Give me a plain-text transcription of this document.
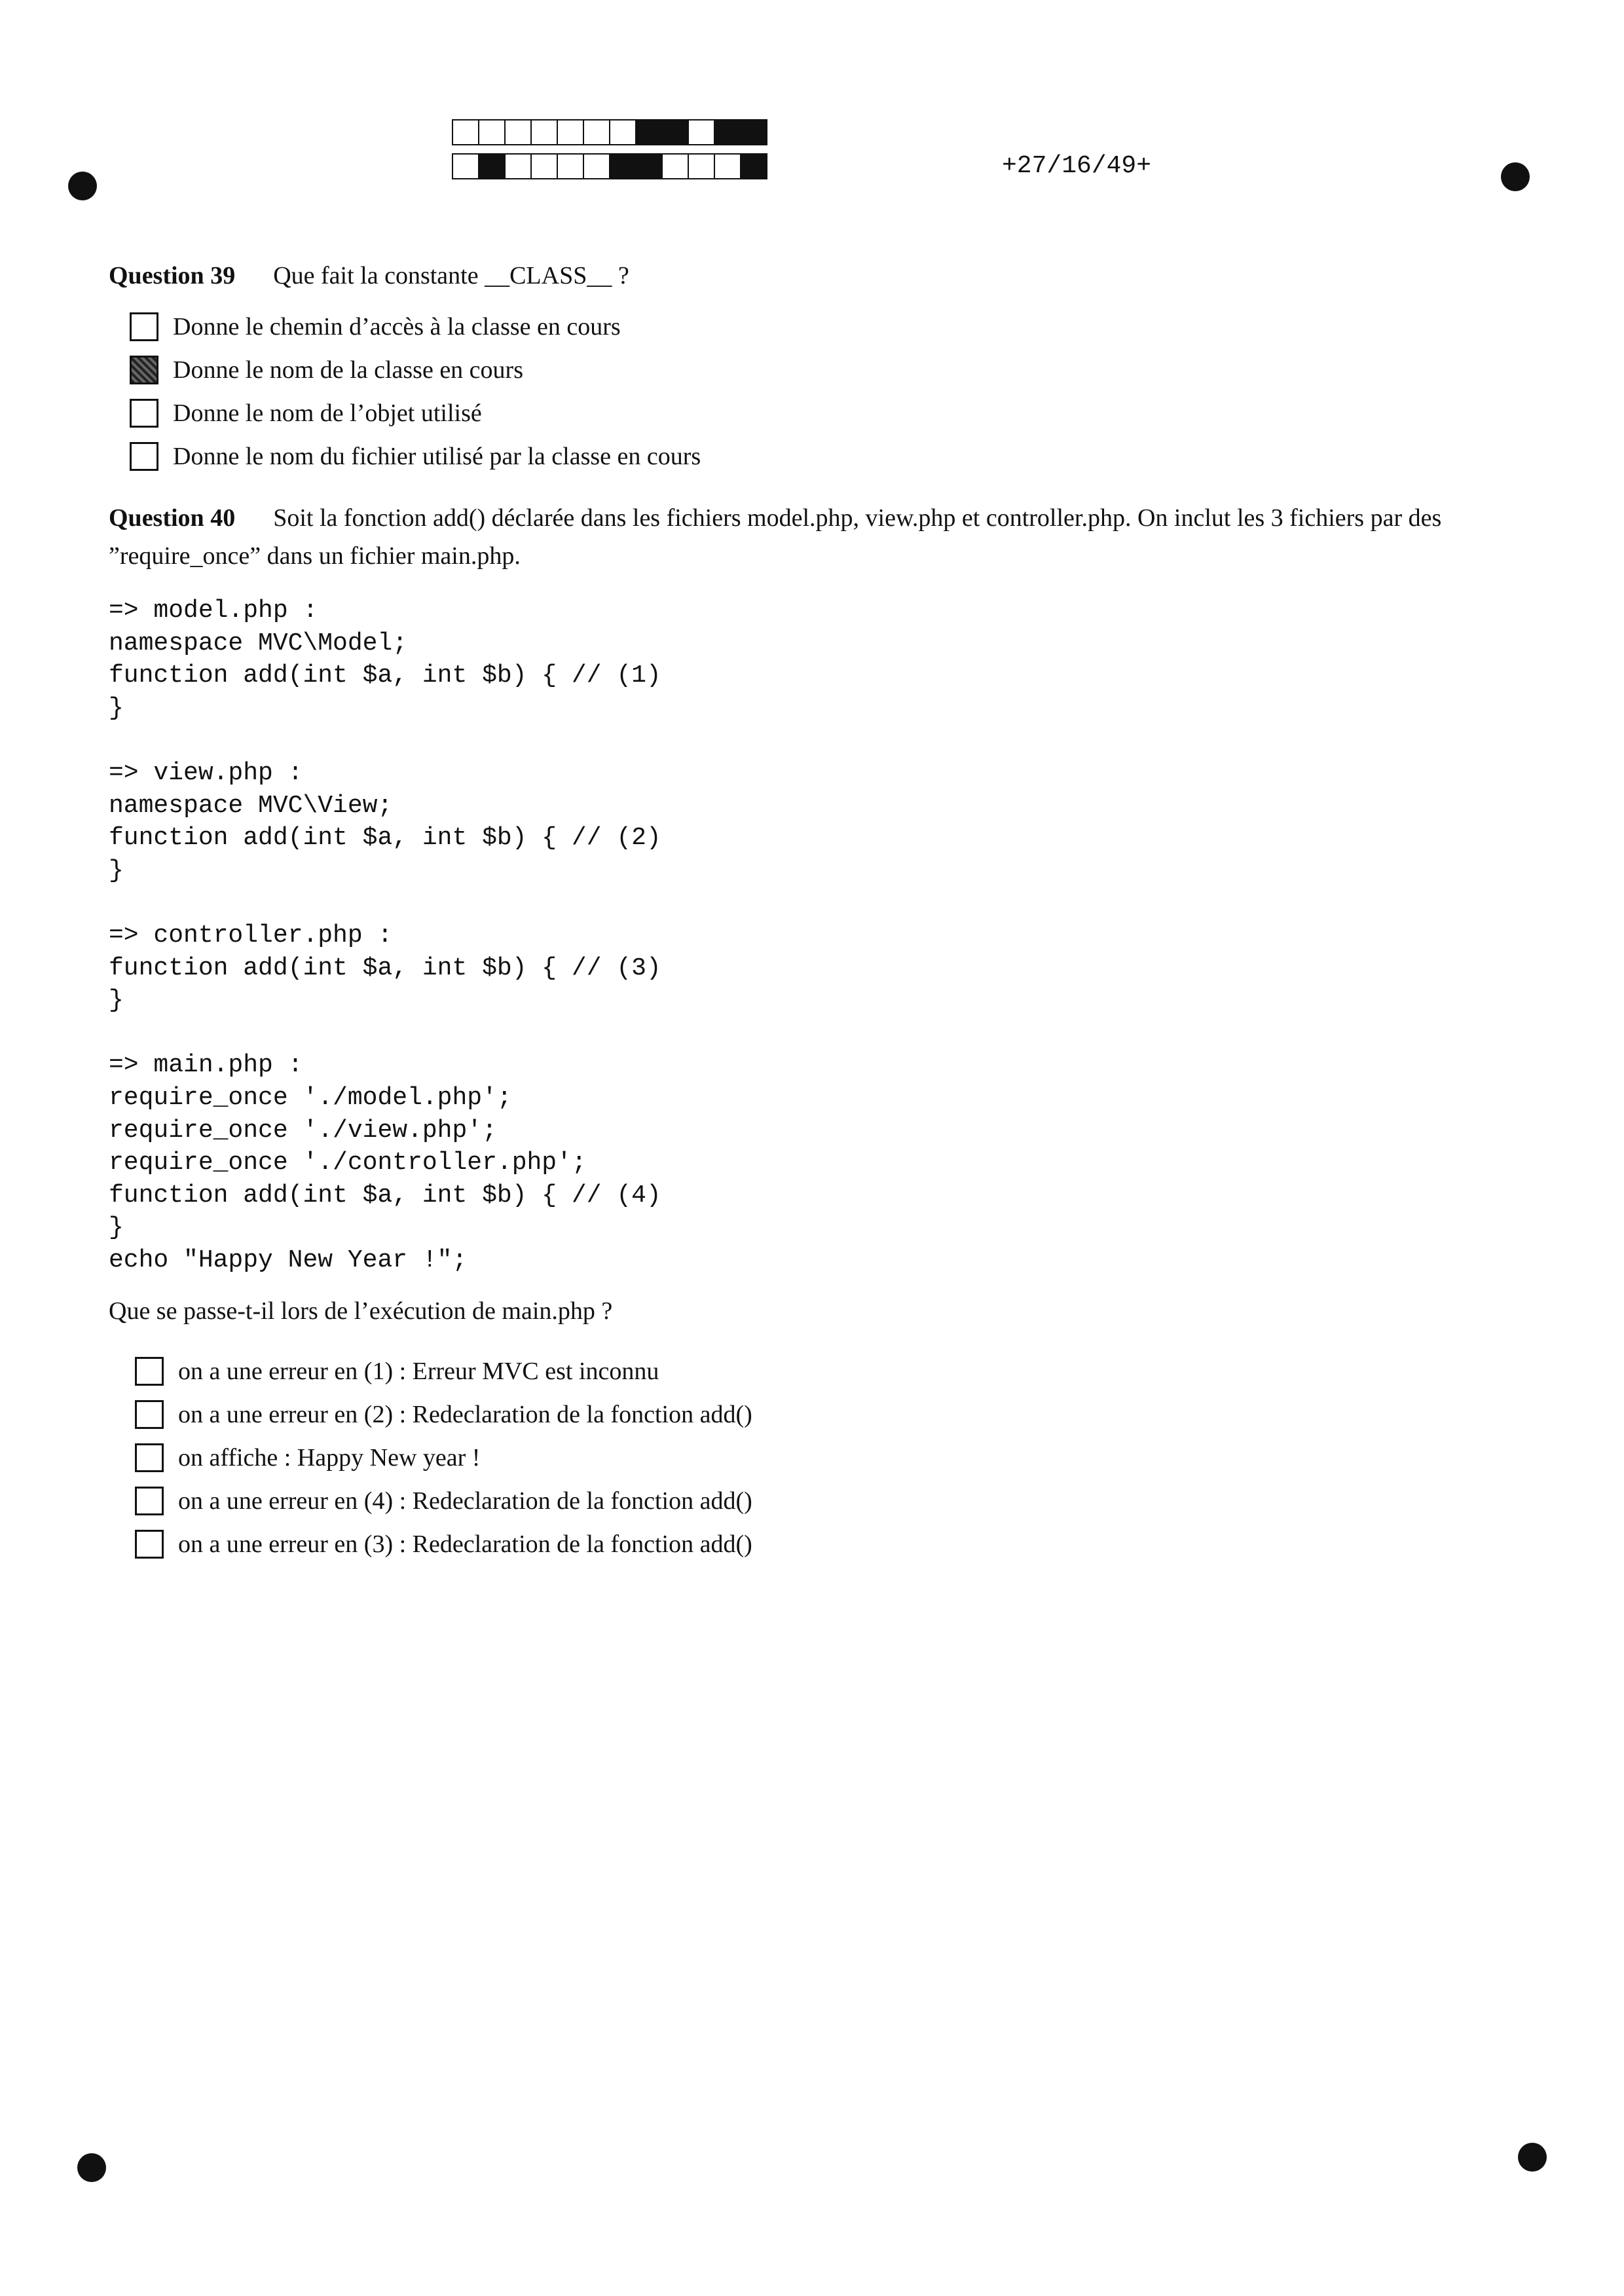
+27/16/49+
Question 39 Que fait la constante __CLASS__ ?
Donne le chemin d’accès à la classe en cours
Donne le nom de la classe en cours
Donne le nom de l’objet utilisé
Donne le nom du fichier utilisé par la classe en cours
Question 40 Soit la fonction add() déclarée dans les fichiers model.php, view.php et controller.php. On inclut les 3 fichiers par des ”require_once” dans un fichier main.php.
=> model.php :
namespace MVC\Model;
function add(int $a, int $b) { // (1)
}

=> view.php :
namespace MVC\View;
function add(int $a, int $b) { // (2)
}

=> controller.php :
function add(int $a, int $b) { // (3)
}

=> main.php :
require_once './model.php';
require_once './view.php';
require_once './controller.php';
function add(int $a, int $b) { // (4)
}
echo "Happy New Year !";
Que se passe-t-il lors de l’exécution de main.php ?
on a une erreur en (1) : Erreur MVC est inconnu
on a une erreur en (2) : Redeclaration de la fonction add()
on affiche : Happy New year !
on a une erreur en (4) : Redeclaration de la fonction add()
on a une erreur en (3) : Redeclaration de la fonction add()
